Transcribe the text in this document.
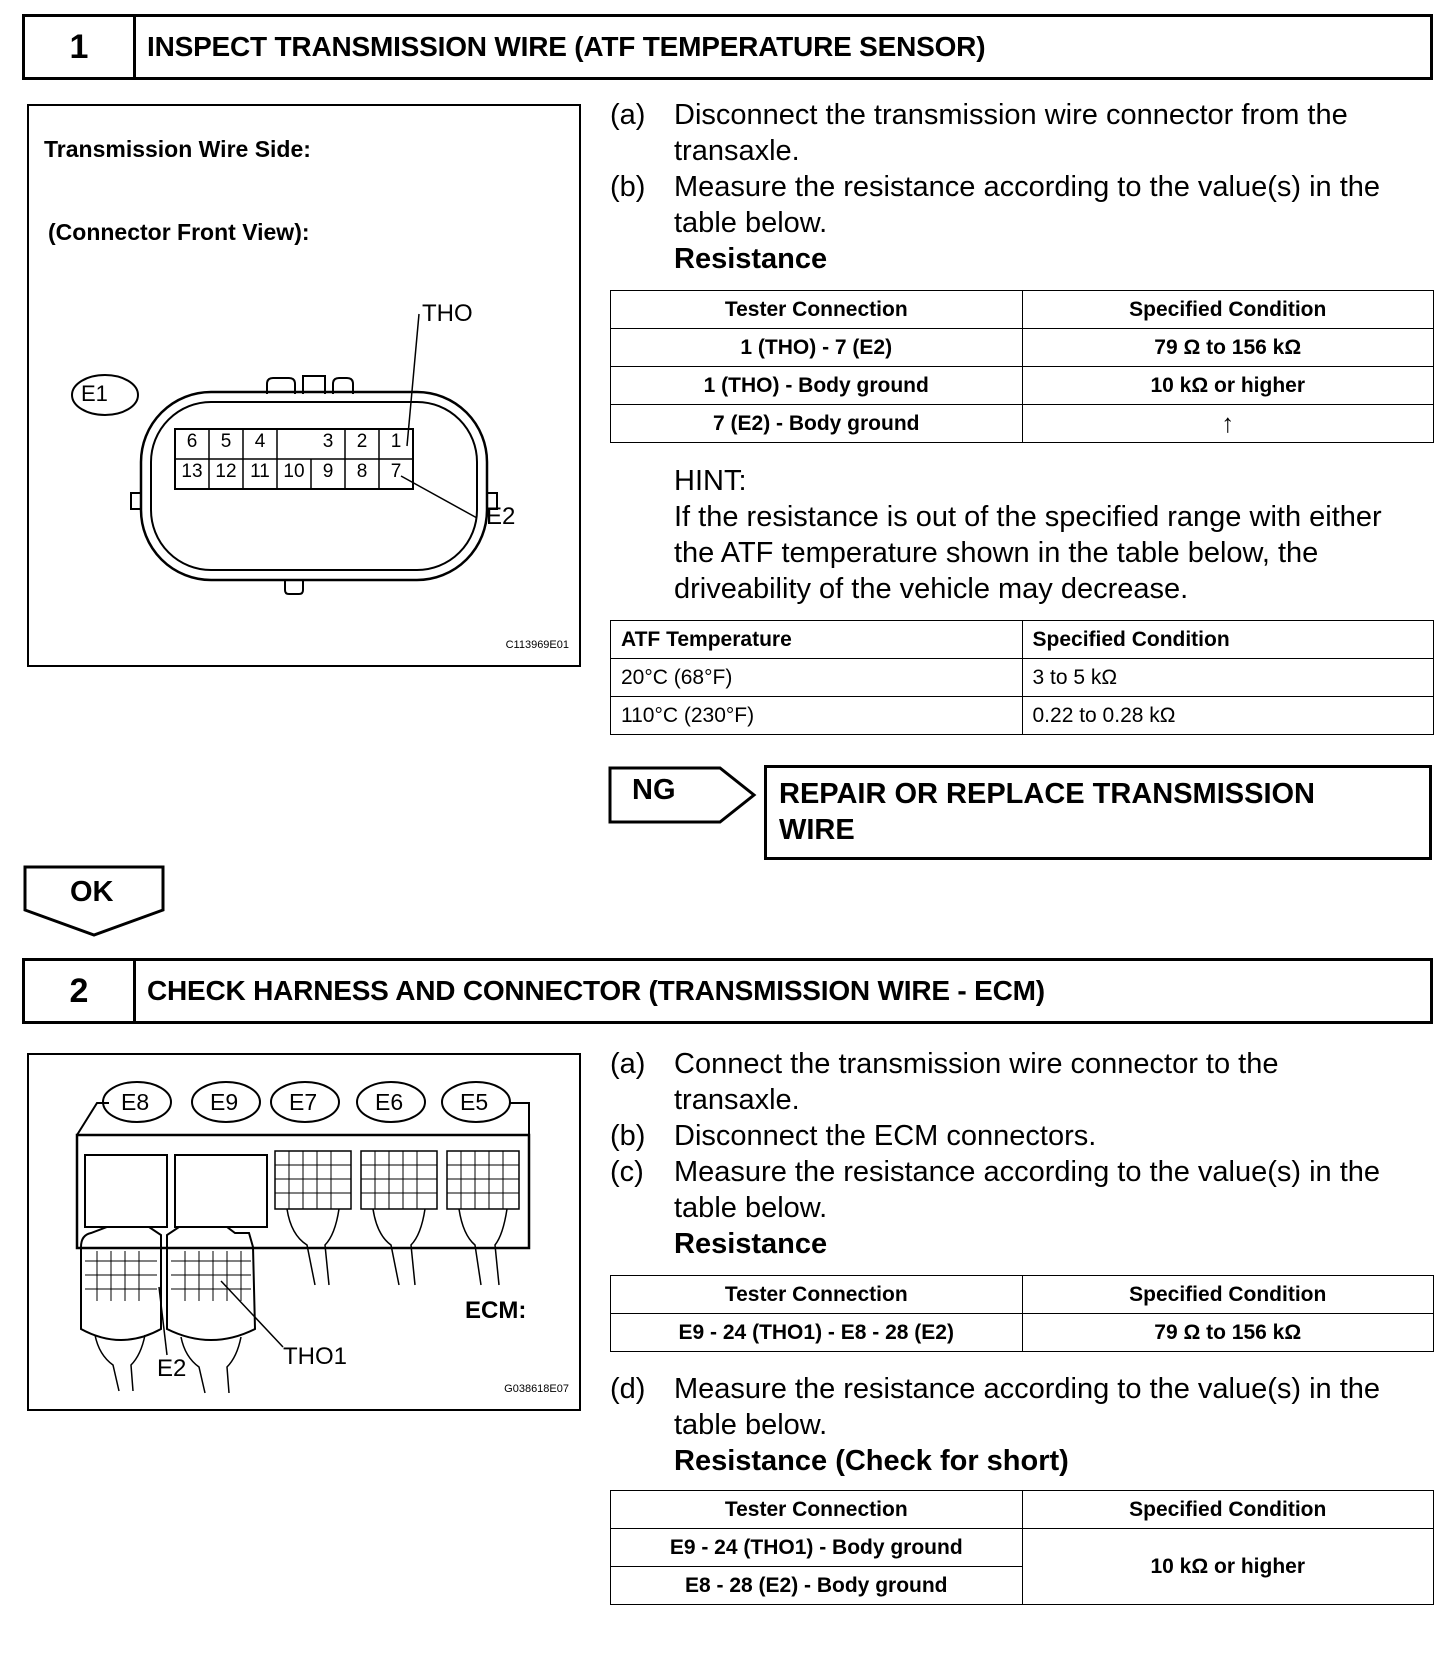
1	INSPECT TRANSMISSION WIRE (ATF TEMPERATURE SENSOR)
Transmission Wire Side:
(Connector Front View):
E1
THO
E2
6	5	4	3	2	1
13 12 11 10 9	8	7
C113969E01
(a) Disconnect the transmission wire connector from the
transaxle.
(b) Measure the resistance according to the value(s) in the
table below.
Resistance
Tester Connection	Specified Condition
1 (THO) - 7 (E2)	79 Ω to 156 kΩ
1 (THO) - Body ground	10 kΩ or higher
7 (E2) - Body ground	↑
HINT:
If the resistance is out of the specified range with either
the ATF temperature shown in the table below, the
driveability of the vehicle may decrease.
ATF Temperature	Specified Condition
20°C (68°F)	3 to 5 kΩ
110°C (230°F)	0.22 to 0.28 kΩ
NG	REPAIR OR REPLACE TRANSMISSION
WIRE
OK
2	CHECK HARNESS AND CONNECTOR (TRANSMISSION WIRE - ECM)
E8	E9 E7	E6 E5
ECM:
E2	THO1
G038618E07
(a) Connect the transmission wire connector to the
transaxle.
(b) Disconnect the ECM connectors.
(c) Measure the resistance according to the value(s) in the
table below.
Resistance
Tester Connection	Specified Condition
E9 - 24 (THO1) - E8 - 28 (E2)	79 Ω to 156 kΩ
(d) Measure the resistance according to the value(s) in the
table below.
Resistance (Check for short)
Tester Connection	Specified Condition
E9 - 24 (THO1) - Body ground	10 kΩ or higher
E8 - 28 (E2) - Body ground	
